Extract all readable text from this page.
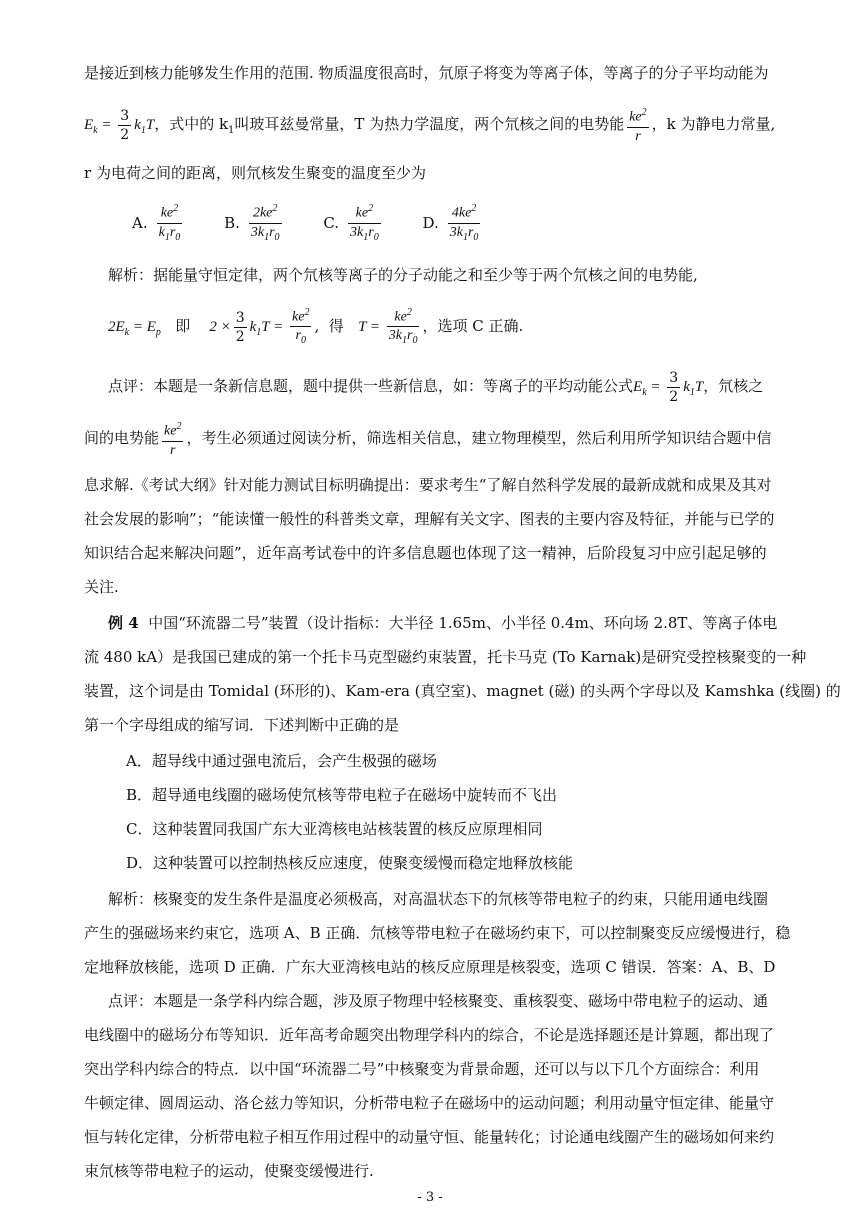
是接近到核力能够发生作用的范围. 物质温度很高时，氘原子将变为等离子体，等离子的分子平均动能为
$E_k = \frac{3}{2} k_1T$，式中的 $k_1$叫玻耳兹曼常量，T 为热力学温度，两个氘核之间的电势能 $\frac{ke^2}{r}$ ，k 为静电力常量,
r 为电荷之间的距离，则氘核发生聚变的温度至少为
A. $\frac{ke^2}{k_1r_0}$	B. $\frac{2ke^2}{3k_1r_0}$	C. $\frac{ke^2}{3k_1r_0}$	D. $\frac{4ke^2}{3k_1r_0}$
解析：据能量守恒定律，两个氘核等离子的分子动能之和至少等于两个氘核之间的电势能,
$2E_k = E_p$ 即 $2 \times \frac{3}{2} k_1T = \frac{ke^2}{r_0}$ ,  得 $T = \frac{ke^2}{3k_1r_0}$ ，选项 C 正确.
点评：本题是一条新信息题，题中提供一些新信息，如：等离子的平均动能公式$E_k = \frac{3}{2} k_1T$，氘核之
间的电势能 $\frac{ke^2}{r}$ ，考生必须通过阅读分析，筛选相关信息，建立物理模型，然后利用所学知识结合题中信
息求解.《考试大纲》针对能力测试目标明确提出：要求考生“了解自然科学发展的最新成就和成果及其对
社会发展的影响”；“能读懂一般性的科普类文章，理解有关文字、图表的主要内容及特征，并能与已学的
知识结合起来解决问题”，近年高考试卷中的许多信息题也体现了这一精神，后阶段复习中应引起足够的
关注.
例 4 中国“环流器二号”装置（设计指标：大半径 1.65m、小半径 0.4m、环向场 2.8T、等离子体电
流 480 kA）是我国已建成的第一个托卡马克型磁约束装置，托卡马克 (To Karnak)是研究受控核聚变的一种
装置，这个词是由 Tomidal (环形的)、Kam-era (真空室)、magnet (磁) 的头两个字母以及 Kamshka (线圈) 的
第一个字母组成的缩写词．下述判断中正确的是
A．超导线中通过强电流后，会产生极强的磁场
B．超导通电线圈的磁场使氘核等带电粒子在磁场中旋转而不飞出
C．这种装置同我国广东大亚湾核电站核装置的核反应原理相同
D．这种装置可以控制热核反应速度，使聚变缓慢而稳定地释放核能
解析：核聚变的发生条件是温度必须极高，对高温状态下的氘核等带电粒子的约束，只能用通电线圈
产生的强磁场来约束它，选项 A、B 正确．氘核等带电粒子在磁场约束下，可以控制聚变反应缓慢进行，稳
定地释放核能，选项 D 正确．广东大亚湾核电站的核反应原理是核裂变，选项 C 错误．答案：A、B、D
点评：本题是一条学科内综合题，涉及原子物理中轻核聚变、重核裂变、磁场中带电粒子的运动、通
电线圈中的磁场分布等知识．近年高考命题突出物理学科内的综合，不论是选择题还是计算题，都出现了
突出学科内综合的特点．以中国“环流器二号”中核聚变为背景命题，还可以与以下几个方面综合：利用
牛顿定律、圆周运动、洛仑兹力等知识，分析带电粒子在磁场中的运动问题；利用动量守恒定律、能量守
恒与转化定律，分析带电粒子相互作用过程中的动量守恒、能量转化；讨论通电线圈产生的磁场如何来约
束氘核等带电粒子的运动，使聚变缓慢进行.
- 3 -
